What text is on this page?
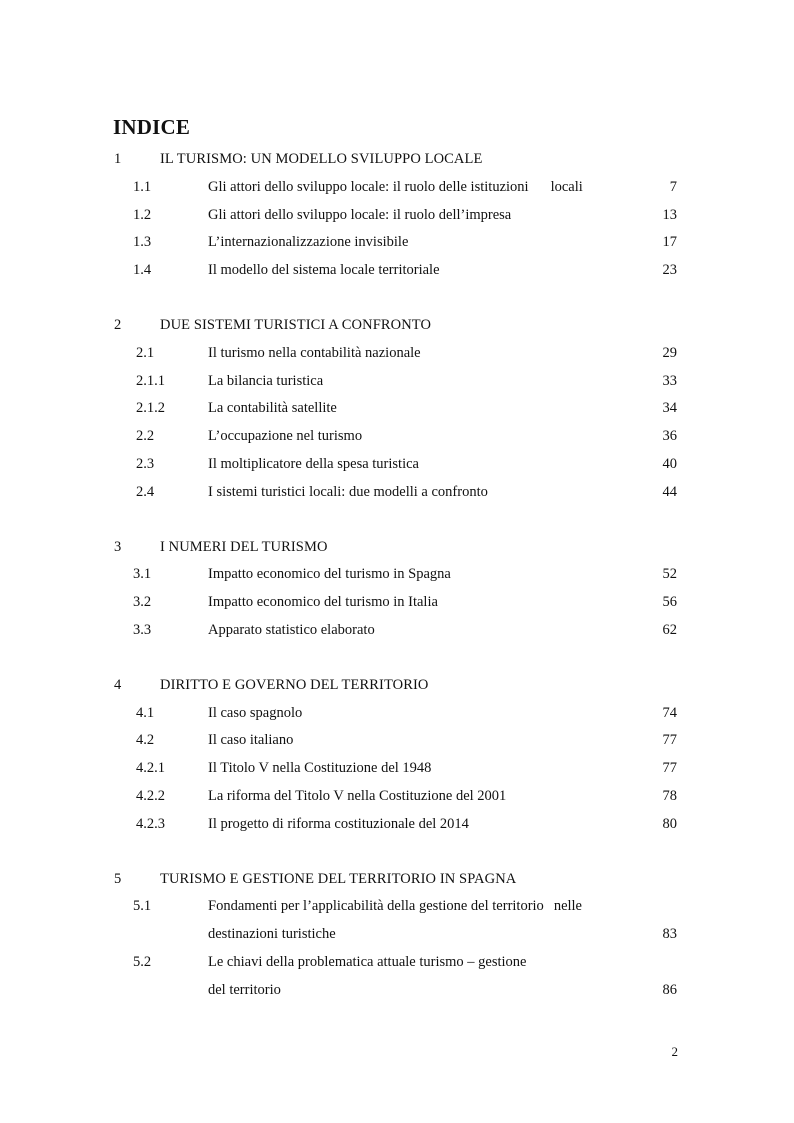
INDICE
1	IL TURISMO: UN MODELLO SVILUPPO LOCALE
1.1	Gli attori dello sviluppo locale: il ruolo delle istituzioni locali	7
1.2	Gli attori dello sviluppo locale: il ruolo dell’impresa	13
1.3	L’internazionalizzazione invisibile	17
1.4	Il modello del sistema locale territoriale	23
2	DUE SISTEMI TURISTICI A CONFRONTO
2.1	Il turismo nella contabilità nazionale	29
2.1.1	La bilancia turistica	33
2.1.2	La contabilità satellite	34
2.2	L’occupazione nel turismo	36
2.3	Il moltiplicatore della spesa turistica	40
2.4	I sistemi turistici locali: due modelli a confronto	44
3	I NUMERI DEL TURISMO
3.1	Impatto economico del turismo in Spagna	52
3.2	Impatto economico del turismo in Italia	56
3.3	Apparato statistico elaborato	62
4	DIRITTO E GOVERNO DEL TERRITORIO
4.1	Il caso spagnolo	74
4.2	Il caso italiano	77
4.2.1	Il Titolo V nella Costituzione del 1948	77
4.2.2	La riforma del Titolo V nella Costituzione del 2001	78
4.2.3	Il progetto di riforma costituzionale del 2014	80
5	TURISMO E GESTIONE DEL TERRITORIO IN SPAGNA
5.1	Fondamenti per l’applicabilità della gestione del territorio nelle
destinazioni turistiche	83
5.2	Le chiavi della problematica attuale turismo – gestione
del territorio	86
2
